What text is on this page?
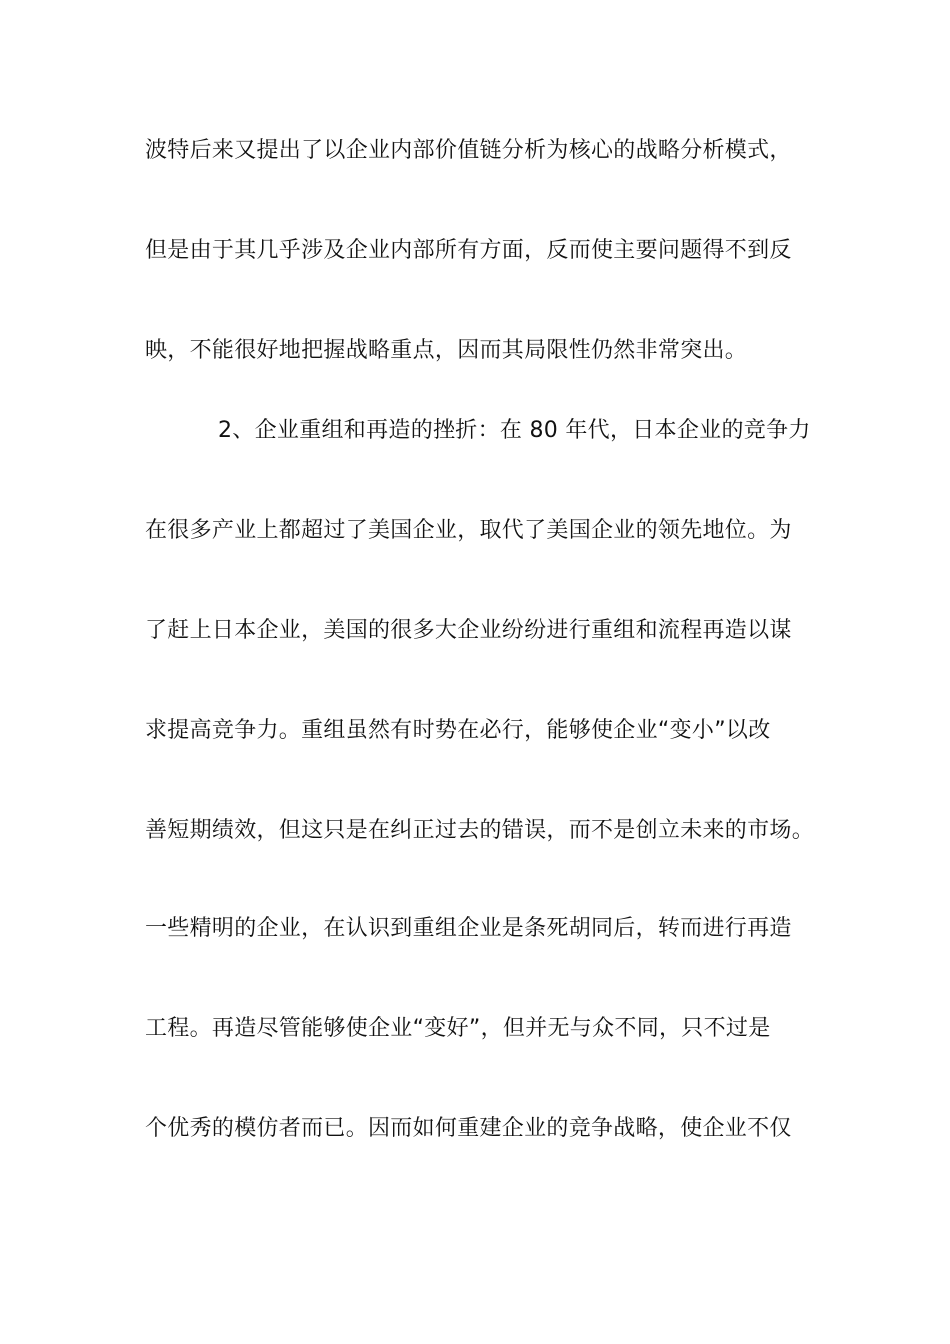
波特后来又提出了以企业内部价值链分析为核心的战略分析模式，
但是由于其几乎涉及企业内部所有方面，反而使主要问题得不到反
映，不能很好地把握战略重点，因而其局限性仍然非常突出。
2、企业重组和再造的挫折：在 80 年代，日本企业的竞争力
在很多产业上都超过了美国企业，取代了美国企业的领先地位。为
了赶上日本企业，美国的很多大企业纷纷进行重组和流程再造以谋
求提高竞争力。重组虽然有时势在必行，能够使企业“变小”以改
善短期绩效，但这只是在纠正过去的错误，而不是创立未来的市场。
一些精明的企业，在认识到重组企业是条死胡同后，转而进行再造
工程。再造尽管能够使企业“变好”，但并无与众不同，只不过是
个优秀的模仿者而已。因而如何重建企业的竞争战略，使企业不仅
